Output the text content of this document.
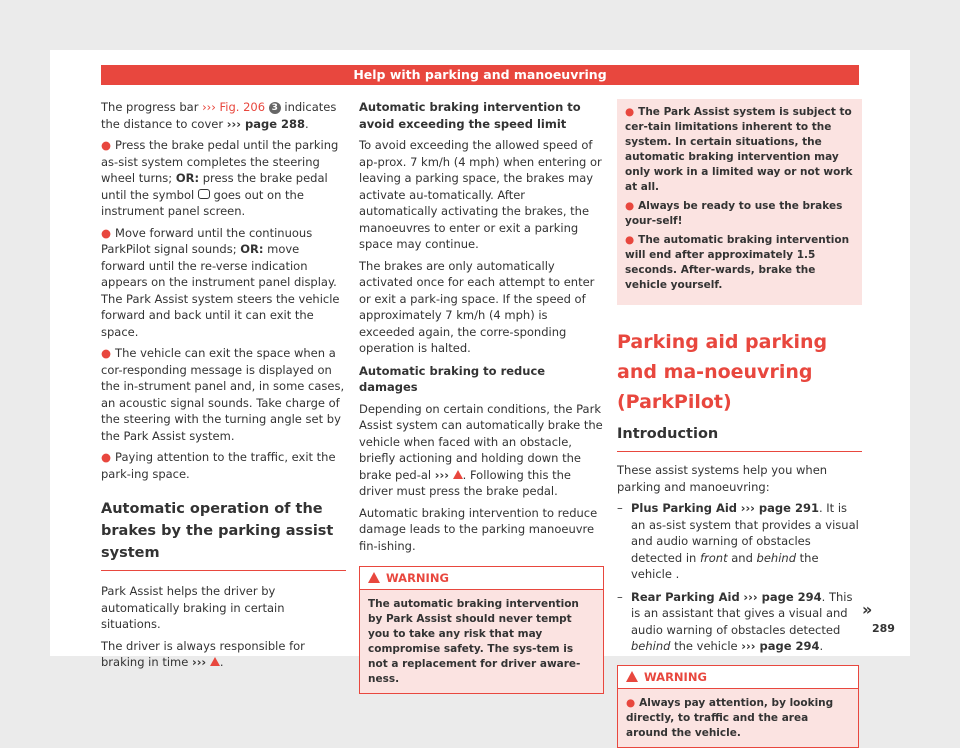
Help with parking and manoeuvring

The progress bar ››› Fig. 206 3 indicates the distance to cover ››› page 288.

● Press the brake pedal until the parking as-sist system completes the steering wheel turns; OR: press the brake pedal until the symbol  goes out on the instrument panel screen.

● Move forward until the continuous ParkPilot signal sounds; OR: move forward until the re-verse indication appears on the instrument panel display. The Park Assist system steers the vehicle forward and back until it can exit the space.

● The vehicle can exit the space when a cor-responding message is displayed on the in-strument panel and, in some cases, an acoustic signal sounds. Take charge of the steering with the turning angle set by the Park Assist system.

● Paying attention to the traffic, exit the park-ing space.

Automatic operation of the brakes by the parking assist system

Park Assist helps the driver by automatically braking in certain situations.

The driver is always responsible for braking in time ››› .

Automatic braking intervention to avoid exceeding the speed limit

To avoid exceeding the allowed speed of ap-prox. 7 km/h (4 mph) when entering or leaving a parking space, the brakes may activate au-tomatically. After automatically activating the brakes, the manoeuvres to enter or exit a parking space may continue.

The brakes are only automatically activated once for each attempt to enter or exit a park-ing space. If the speed of approximately 7 km/h (4 mph) is exceeded again, the corre-sponding operation is halted.

Automatic braking to reduce damages

Depending on certain conditions, the Park Assist system can automatically brake the vehicle when faced with an obstacle, briefly actioning and holding down the brake ped-al ››› . Following this the driver must press the brake pedal.

Automatic braking intervention to reduce damage leads to the parking manoeuvre fin-ishing.

WARNING
The automatic braking intervention by Park Assist should never tempt you to take any risk that may compromise safety. The sys-tem is not a replacement for driver aware-ness.

● The Park Assist system is subject to cer-tain limitations inherent to the system. In certain situations, the automatic braking intervention may only work in a limited way or not work at all.

● Always be ready to use the brakes your-self!

● The automatic braking intervention will end after approximately 1.5 seconds. After-wards, brake the vehicle yourself.

Parking aid parking and ma-noeuvring (ParkPilot)
Introduction

These assist systems help you when parking and manoeuvring:

– Plus Parking Aid ››› page 291. It is an as-sist system that provides a visual and audio warning of obstacles detected in front and behind the vehicle .
– Rear Parking Aid ››› page 294. This is an assistant that gives a visual and audio warning of obstacles detected behind the vehicle ››› page 294.
WARNING
● Always pay attention, by looking directly, to traffic and the area around the vehicle.
»
289
